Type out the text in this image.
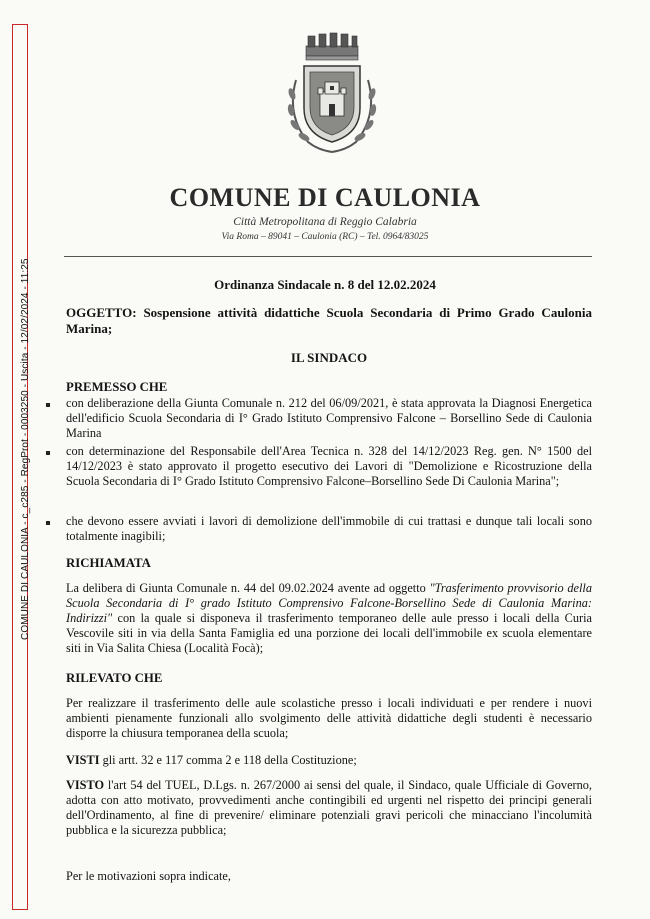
COMUNE DI CAULONIA - c_c285 - RegProt - 0003250 - Uscita - 12/02/2024 - 11:25
COMUNE DI CAULONIA
Città Metropolitana di Reggio Calabria
Via Roma – 89041 – Caulonia (RC) – Tel. 0964/83025
Ordinanza Sindacale n. 8 del 12.02.2024
OGGETTO: Sospensione attività didattiche Scuola Secondaria di Primo Grado Caulonia Marina;
IL SINDACO
PREMESSO CHE
con deliberazione della Giunta Comunale n. 212 del 06/09/2021, è stata approvata la Diagnosi Energetica dell'edificio Scuola Secondaria di I° Grado Istituto Comprensivo Falcone – Borsellino Sede di Caulonia Marina
con determinazione del Responsabile dell'Area Tecnica n. 328 del 14/12/2023 Reg. gen. N° 1500 del 14/12/2023 è stato approvato il progetto esecutivo dei Lavori di "Demolizione e Ricostruzione della Scuola Secondaria di I° Grado Istituto Comprensivo Falcone–Borsellino Sede Di Caulonia Marina";
che devono essere avviati i lavori di demolizione dell'immobile di cui trattasi e dunque tali locali sono totalmente inagibili;
RICHIAMATA
La delibera di Giunta Comunale n. 44 del 09.02.2024 avente ad oggetto "Trasferimento provvisorio della Scuola Secondaria di I° grado Istituto Comprensivo Falcone-Borsellino Sede di Caulonia Marina: Indirizzi" con la quale si disponeva il trasferimento temporaneo delle aule presso i locali della Curia Vescovile siti in via della Santa Famiglia ed una porzione dei locali dell'immobile ex scuola elementare siti in Via Salita Chiesa (Località Focà);
RILEVATO CHE
Per realizzare il trasferimento delle aule scolastiche presso i locali individuati e per rendere i nuovi ambienti pienamente funzionali allo svolgimento delle attività didattiche degli studenti è necessario disporre la chiusura temporanea della scuola;
VISTI gli artt. 32 e 117 comma 2 e 118 della Costituzione;
VISTO l'art 54 del TUEL, D.Lgs. n. 267/2000 ai sensi del quale, il Sindaco, quale Ufficiale di Governo, adotta con atto motivato, provvedimenti anche contingibili ed urgenti nel rispetto dei principi generali dell'Ordinamento, al fine di prevenire/ eliminare potenziali gravi pericoli che minacciano l'incolumità pubblica e la sicurezza pubblica;
Per le motivazioni sopra indicate,
